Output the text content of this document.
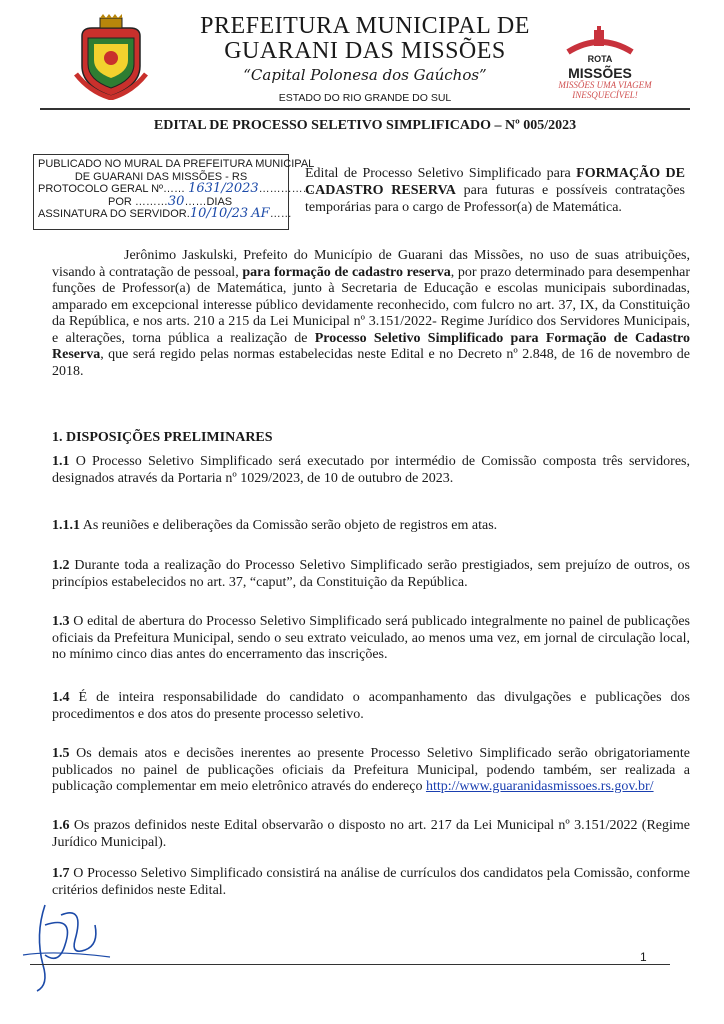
PREFEITURA MUNICIPAL DE
GUARANI DAS MISSÕES
“Capital Polonesa dos Gaúchos”
ESTADO DO RIO GRANDE DO SUL
ROTA
MISSÕES
MISSÕES UMA VIAGEM INESQUECÍVEL!
EDITAL DE PROCESSO SELETIVO SIMPLIFICADO – Nº 005/2023
PUBLICADO NO MURAL DA PREFEITURA MUNICIPAL
DE GUARANI DAS MISSÕES - RS
PROTOCOLO GERAL Nº…… 1631/2023……………
POR ………30……DIAS
ASSINATURA DO SERVIDOR.10/10/23 AF……
Edital de Processo Seletivo Simplificado para FORMAÇÃO DE CADASTRO RESERVA para futuras e possíveis contratações temporárias para o cargo de Professor(a) de Matemática.
Jerônimo Jaskulski, Prefeito do Município de Guarani das Missões, no uso de suas atribuições, visando à contratação de pessoal, para formação de cadastro reserva, por prazo determinado para desempenhar funções de Professor(a) de Matemática, junto à Secretaria de Educação e escolas municipais subordinadas, amparado em excepcional interesse público devidamente reconhecido, com fulcro no art. 37, IX, da Constituição da República, e nos arts. 210 a 215 da Lei Municipal nº 3.151/2022- Regime Jurídico dos Servidores Municipais, e alterações, torna pública a realização de Processo Seletivo Simplificado para Formação de Cadastro Reserva, que será regido pelas normas estabelecidas neste Edital e no Decreto nº 2.848, de 16 de novembro de 2018.
1. DISPOSIÇÕES PRELIMINARES
1.1 O Processo Seletivo Simplificado será executado por intermédio de Comissão composta três servidores, designados através da Portaria nº 1029/2023, de 10 de outubro de 2023.
1.1.1 As reuniões e deliberações da Comissão serão objeto de registros em atas.
1.2 Durante toda a realização do Processo Seletivo Simplificado serão prestigiados, sem prejuízo de outros, os princípios estabelecidos no art. 37, “caput”, da Constituição da República.
1.3 O edital de abertura do Processo Seletivo Simplificado será publicado integralmente no painel de publicações oficiais da Prefeitura Municipal, sendo o seu extrato veiculado, ao menos uma vez, em jornal de circulação local, no mínimo cinco dias antes do encerramento das inscrições.
1.4 É de inteira responsabilidade do candidato o acompanhamento das divulgações e publicações dos procedimentos e dos atos do presente processo seletivo.
1.5 Os demais atos e decisões inerentes ao presente Processo Seletivo Simplificado serão obrigatoriamente publicados no painel de publicações oficiais da Prefeitura Municipal, podendo também, ser realizada a publicação complementar em meio eletrônico através do endereço http://www.guaranidasmissoes.rs.gov.br/
1.6 Os prazos definidos neste Edital observarão o disposto no art. 217 da Lei Municipal nº 3.151/2022 (Regime Jurídico Municipal).
1.7 O Processo Seletivo Simplificado consistirá na análise de currículos dos candidatos pela Comissão, conforme critérios definidos neste Edital.
1
